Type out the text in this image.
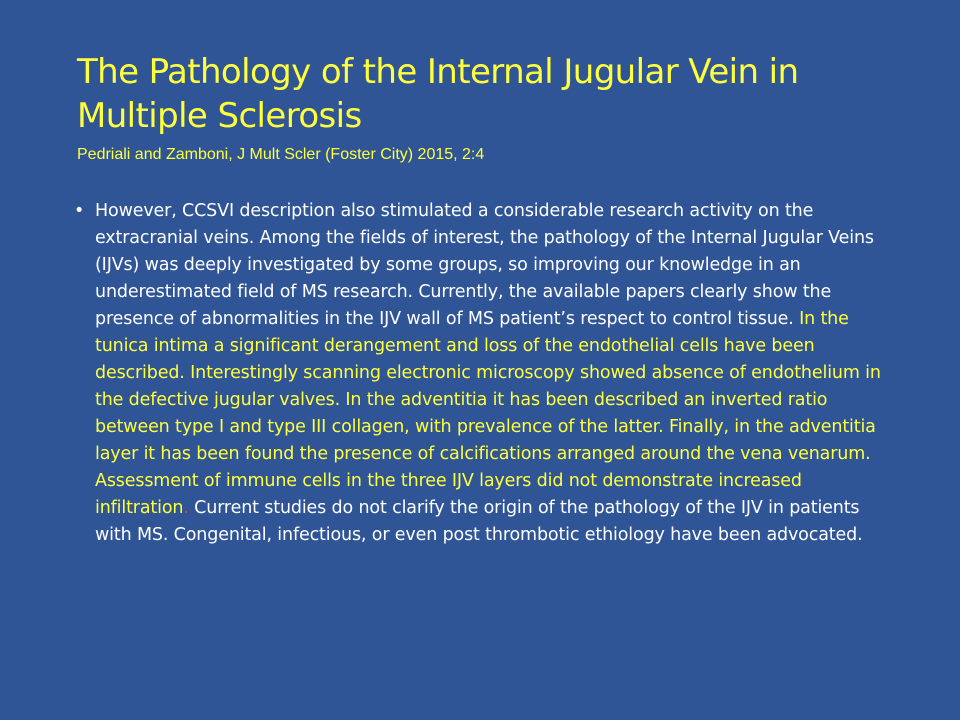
The Pathology of the Internal Jugular Vein in Multiple Sclerosis

Pedriali and Zamboni, J Mult Scler (Foster City) 2015, 2:4

• However, CCSVI description also stimulated a considerable research activity on the extracranial veins. Among the fields of interest, the pathology of the Internal Jugular Veins (IJVs) was deeply investigated by some groups, so improving our knowledge in an underestimated field of MS research. Currently, the available papers clearly show the presence of abnormalities in the IJV wall of MS patient’s respect to control tissue. In the tunica intima a significant derangement and loss of the endothelial cells have been described. Interestingly scanning electronic microscopy showed absence of endothelium in the defective jugular valves. In the adventitia it has been described an inverted ratio between type I and type III collagen, with prevalence of the latter. Finally, in the adventitia layer it has been found the presence of calcifications arranged around the vena venarum. Assessment of immune cells in the three IJV layers did not demonstrate increased infiltration. Current studies do not clarify the origin of the pathology of the IJV in patients with MS. Congenital, infectious, or even post thrombotic ethiology have been advocated.
